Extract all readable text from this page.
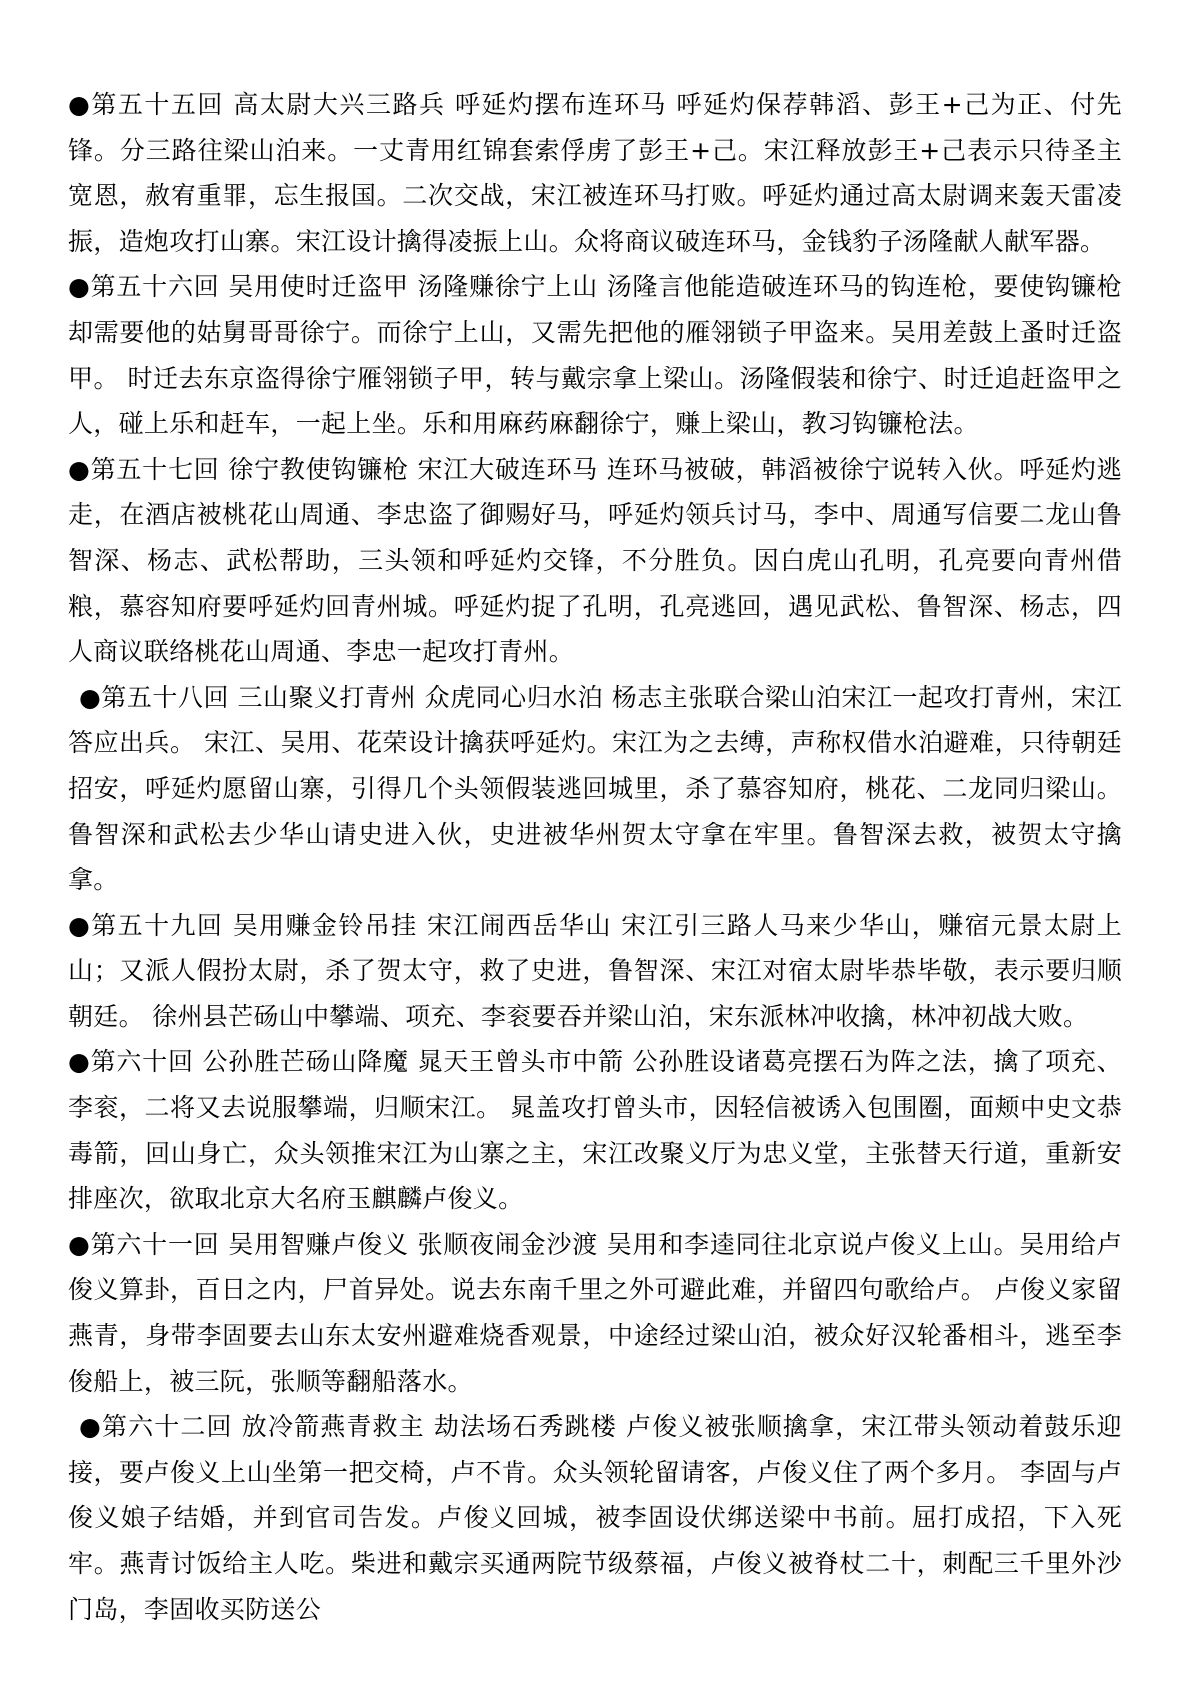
●第五十五回 高太尉大兴三路兵 呼延灼摆布连环马 呼延灼保荐韩滔、彭王+己为正、付先锋。分三路往梁山泊来。一丈青用红锦套索俘虏了彭王+己。宋江释放彭王+己表示只待圣主宽恩，赦宥重罪，忘生报国。二次交战，宋江被连环马打败。呼延灼通过高太尉调来轰天雷凌振，造炮攻打山寨。宋江设计擒得凌振上山。众将商议破连环马，金钱豹子汤隆献人献军器。

●第五十六回 吴用使时迁盗甲 汤隆赚徐宁上山 汤隆言他能造破连环马的钩连枪，要使钩镰枪却需要他的姑舅哥哥徐宁。而徐宁上山，又需先把他的雁翎锁子甲盗来。吴用差鼓上蚤时迁盗甲。 时迁去东京盗得徐宁雁翎锁子甲，转与戴宗拿上梁山。汤隆假装和徐宁、时迁追赶盗甲之人，碰上乐和赶车，一起上坐。乐和用麻药麻翻徐宁，赚上梁山，教习钩镰枪法。

●第五十七回 徐宁教使钩镰枪 宋江大破连环马 连环马被破，韩滔被徐宁说转入伙。呼延灼逃走，在酒店被桃花山周通、李忠盗了御赐好马，呼延灼领兵讨马，李中、周通写信要二龙山鲁智深、杨志、武松帮助，三头领和呼延灼交锋，不分胜负。因白虎山孔明，孔亮要向青州借粮，慕容知府要呼延灼回青州城。呼延灼捉了孔明，孔亮逃回，遇见武松、鲁智深、杨志，四人商议联络桃花山周通、李忠一起攻打青州。

●第五十八回 三山聚义打青州 众虎同心归水泊 杨志主张联合梁山泊宋江一起攻打青州，宋江答应出兵。 宋江、吴用、花荣设计擒获呼延灼。宋江为之去缚，声称权借水泊避难，只待朝廷招安，呼延灼愿留山寨，引得几个头领假装逃回城里，杀了慕容知府，桃花、二龙同归梁山。 鲁智深和武松去少华山请史进入伙，史进被华州贺太守拿在牢里。鲁智深去救，被贺太守擒拿。

●第五十九回 吴用赚金铃吊挂 宋江闹西岳华山 宋江引三路人马来少华山，赚宿元景太尉上山；又派人假扮太尉，杀了贺太守，救了史进，鲁智深、宋江对宿太尉毕恭毕敬，表示要归顺朝廷。 徐州县芒砀山中攀端、项充、李衮要吞并梁山泊，宋东派林冲收擒，林冲初战大败。

●第六十回 公孙胜芒砀山降魔 晁天王曾头市中箭 公孙胜设诸葛亮摆石为阵之法，擒了项充、李衮，二将又去说服攀端，归顺宋江。 晁盖攻打曾头市，因轻信被诱入包围圈，面颊中史文恭毒箭，回山身亡，众头领推宋江为山寨之主，宋江改聚义厅为忠义堂，主张替天行道，重新安排座次，欲取北京大名府玉麒麟卢俊义。

●第六十一回 吴用智赚卢俊义 张顺夜闹金沙渡 吴用和李逵同往北京说卢俊义上山。吴用给卢俊义算卦，百日之内，尸首异处。说去东南千里之外可避此难，并留四句歌给卢。 卢俊义家留燕青，身带李固要去山东太安州避难烧香观景，中途经过梁山泊，被众好汉轮番相斗，逃至李俊船上，被三阮，张顺等翻船落水。

●第六十二回 放冷箭燕青救主 劫法场石秀跳楼 卢俊义被张顺擒拿，宋江带头领动着鼓乐迎接，要卢俊义上山坐第一把交椅，卢不肯。众头领轮留请客，卢俊义住了两个多月。 李固与卢俊义娘子结婚，并到官司告发。卢俊义回城，被李固设伏绑送梁中书前。屈打成招，下入死牢。燕青讨饭给主人吃。柴进和戴宗买通两院节级蔡福，卢俊义被脊杖二十，刺配三千里外沙门岛，李固收买防送公
